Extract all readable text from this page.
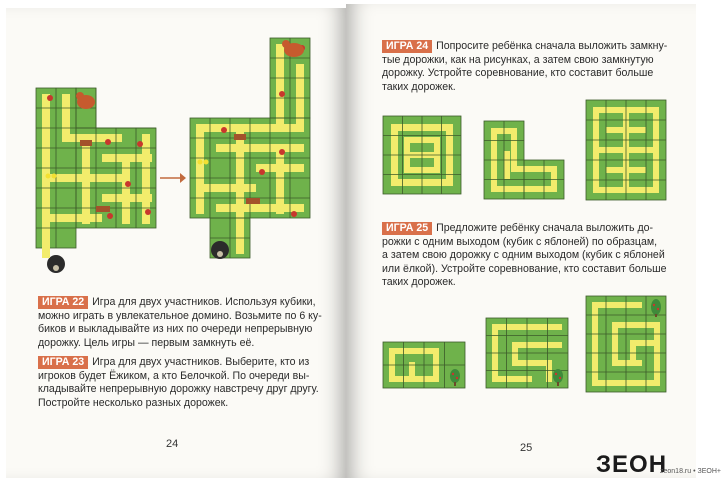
ИГРА 22 Игра для двух участников. Используя кубики,
можно играть в увлекательное домино. Возьмите по 6 ку-
биков и выкладывайте из них по очереди непрерывную
дорожку. Цель игры — первым замкнуть её.
ИГРА 23 Игра для двух участников. Выберите, кто из
игроков будет Ёжиком, а кто Белочкой. По очереди вы-
кладывайте непрерывную дорожку навстречу друг другу.
Постройте несколько разных дорожек.
24
ИГРА 24 Попросите ребёнка сначала выложить замкну-
тые дорожки, как на рисунках, а затем свою замкнутую
дорожку. Устройте соревнование, кто составит больше
таких дорожек.
ИГРА 25 Предложите ребёнку сначала выложить до-
рожки с одним выходом (кубик с яблоней) по образцам,
а затем свою дорожку с одним выходом (кубик с яблоней
или ёлкой). Устройте соревнование, кто составит больше
таких дорожек.
25
ЗЕОН
zeon18.ru • ЗЕОН+
